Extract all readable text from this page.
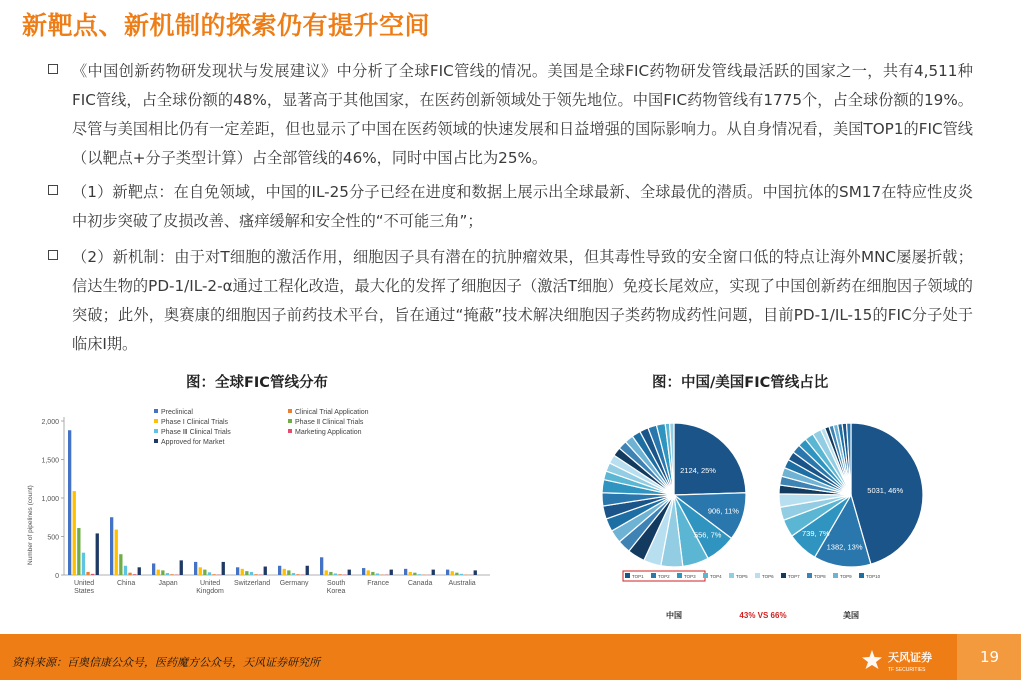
新靶点、新机制的探索仍有提升空间
《中国创新药物研发现状与发展建议》中分析了全球FIC管线的情况。美国是全球FIC药物研发管线最活跃的国家之一，共有4,511种FIC管线，占全球份额的48%，显著高于其他国家，在医药创新领域处于领先地位。中国FIC药物管线有1775个，占全球份额的19%。尽管与美国相比仍有一定差距，但也显示了中国在医药领域的快速发展和日益增强的国际影响力。从自身情况看，美国TOP1的FIC管线（以靶点+分子类型计算）占全部管线的46%，同时中国占比为25%。
（1）新靶点：在自免领域，中国的IL-25分子已经在进度和数据上展示出全球最新、全球最优的潜质。中国抗体的SM17在特应性皮炎中初步突破了皮损改善、瘙痒缓解和安全性的“不可能三角”；
（2）新机制：由于对T细胞的激活作用，细胞因子具有潜在的抗肿瘤效果，但其毒性导致的安全窗口低的特点让海外MNC屡屡折戟；信达生物的PD-1/IL-2-α通过工程化改造，最大化的发挥了细胞因子（激活T细胞）免疫长尾效应，实现了中国创新药在细胞因子领域的突破；此外，奥赛康的细胞因子前药技术平台，旨在通过“掩蔽”技术解决细胞因子类药物成药性问题，目前PD-1/IL-15的FIC分子处于临床Ⅰ期。
图：全球FIC管线分布	图：中国/美国FIC管线占比
0
500
1,000
1,500
2,000
Number of pipelines (count)
United
States
China	Japan	United
Kingdom
Switzerland Germany	South
Korea
France	Canada Australia
Preclinical
Phase Ⅰ Clinical Trials
Phase Ⅲ Clinical Trials
Approved for Market
Clinical Trial Application
Phase Ⅱ Clinical Trials
Marketing Application
2124, 25%
906, 11%
556, 7%
中国
5031, 46%
1382, 13%
739, 7%
美国
TOP1	TOP2	TOP3	TOP4	TOP5	TOP6	TOP7	TOP8	TOP9	TOP10
43% VS 66%
资料来源：百奥信康公众号，医药魔方公众号，天风证券研究所	天风证券
TF SECURITIES
19
